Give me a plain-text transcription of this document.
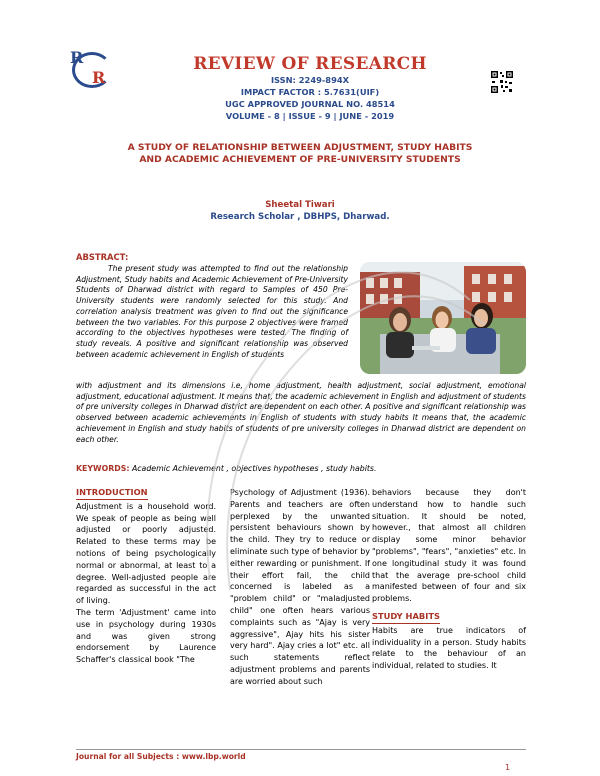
R
R
REVIEW OF RESEARCH
ISSN: 2249-894X
IMPACT FACTOR : 5.7631(UIF)
UGC APPROVED JOURNAL NO. 48514
VOLUME - 8 | ISSUE - 9 | JUNE - 2019
A STUDY OF RELATIONSHIP BETWEEN ADJUSTMENT, STUDY HABITS
AND ACADEMIC ACHIEVEMENT OF PRE-UNIVERSITY STUDENTS
Sheetal Tiwari
Research Scholar , DBHPS, Dharwad.
ABSTRACT:
The present study was attempted to find out the relationship Adjustment, Study habits and Academic Achievement of Pre-University Students of Dharwad district with regard to Samples of 450 Pre-University students were randomly selected for this study. And correlation analysis treatment was given to find out the significance between the two variables. For this purpose 2 objectives were framed according to the objectives hypotheses were tested. The finding of study reveals. A positive and significant relationship was observed between academic achievement in English of students
with adjustment and its dimensions i.e, home adjustment, health adjustment, social adjustment, emotional adjustment, educational adjustment. It means that, the academic achievement in English and adjustment of students of pre university colleges in Dharwad district are dependent on each other. A positive and significant relationship was observed between academic achievements in English of students with study habits It means that, the academic achievement in English and study habits of students of pre university colleges in Dharwad district are dependent on each other.
KEYWORDS: Academic Achievement , objectives hypotheses , study habits.
INTRODUCTION

Adjustment is a household word. We speak of people as being well adjusted or poorly adjusted. Related to these terms may be notions of being psychologically normal or abnormal, at least to a degree. Well-adjusted people are regarded as successful in the act of living.

The term 'Adjustment' came into use in psychology during 1930s and was given strong endorsement by Laurence Schaffer's classical book "The

Psychology of Adjustment (1936). Parents and teachers are often perplexed by the unwanted persistent behaviours shown by the child. They try to reduce or eliminate such type of behavior by either rewarding or punishment. If their effort fail, the child concerned is labeled as a "problem child" or "maladjusted child" one often hears various complaints such as "Ajay is very aggressive", Ajay hits his sister very hard". Ajay cries a lot" etc. all such statements reflect adjustment problems and parents are worried about such

behaviors because they don't understand how to handle such situation. It should be noted, however., that almost all children display some minor behavior "problems", "fears", "anxieties" etc. In one longitudinal study it was found that the average pre-school child manifested between of four and six problems.

STUDY HABITS

Habits are true indicators of individuality in a person. Study habits relate to the behaviour of an individual, related to studies. It

Journal for all Subjects : www.lbp.world
1
